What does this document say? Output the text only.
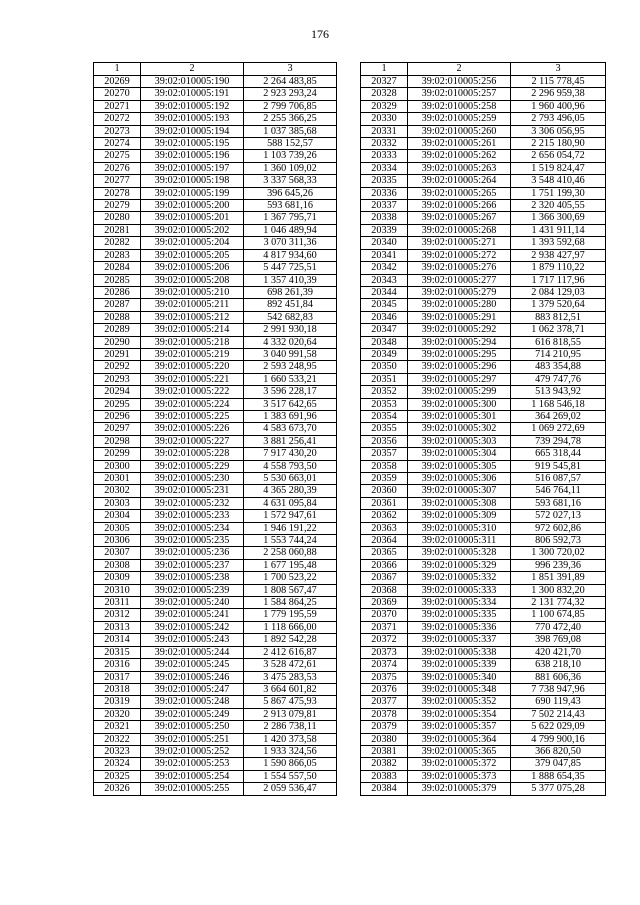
176
1	2	3
20269	39:02:010005:190	2 264 483,85
20270	39:02:010005:191	2 923 293,24
20271	39:02:010005:192	2 799 706,85
20272	39:02:010005:193	2 255 366,25
20273	39:02:010005:194	1 037 385,68
20274	39:02:010005:195	588 152,57
20275	39:02:010005:196	1 103 739,26
20276	39:02:010005:197	1 360 109,02
20277	39:02:010005:198	3 337 568,33
20278	39:02:010005:199	396 645,26
20279	39:02:010005:200	593 681,16
20280	39:02:010005:201	1 367 795,71
20281	39:02:010005:202	1 046 489,94
20282	39:02:010005:204	3 070 311,36
20283	39:02:010005:205	4 817 934,60
20284	39:02:010005:206	5 447 725,51
20285	39:02:010005:208	1 357 410,39
20286	39:02:010005:210	698 261,39
20287	39:02:010005:211	892 451,84
20288	39:02:010005:212	542 682,83
20289	39:02:010005:214	2 991 930,18
20290	39:02:010005:218	4 332 020,64
20291	39:02:010005:219	3 040 991,58
20292	39:02:010005:220	2 593 248,95
20293	39:02:010005:221	1 660 533,21
20294	39:02:010005:222	3 596 228,17
20295	39:02:010005:224	3 517 642,65
20296	39:02:010005:225	1 383 691,96
20297	39:02:010005:226	4 583 673,70
20298	39:02:010005:227	3 881 256,41
20299	39:02:010005:228	7 917 430,20
20300	39:02:010005:229	4 558 793,50
20301	39:02:010005:230	5 530 663,01
20302	39:02:010005:231	4 365 280,39
20303	39:02:010005:232	4 631 095,84
20304	39:02:010005:233	1 572 947,61
20305	39:02:010005:234	1 946 191,22
20306	39:02:010005:235	1 553 744,24
20307	39:02:010005:236	2 258 060,88
20308	39:02:010005:237	1 677 195,48
20309	39:02:010005:238	1 700 523,22
20310	39:02:010005:239	1 808 567,47
20311	39:02:010005:240	1 584 864,25
20312	39:02:010005:241	1 779 195,59
20313	39:02:010005:242	1 118 666,00
20314	39:02:010005:243	1 892 542,28
20315	39:02:010005:244	2 412 616,87
20316	39:02:010005:245	3 528 472,61
20317	39:02:010005:246	3 475 283,53
20318	39:02:010005:247	3 664 601,82
20319	39:02:010005:248	5 867 475,93
20320	39:02:010005:249	2 913 079,81
20321	39:02:010005:250	2 286 738,11
20322	39:02:010005:251	1 420 373,58
20323	39:02:010005:252	1 933 324,56
20324	39:02:010005:253	1 590 866,05
20325	39:02:010005:254	1 554 557,50
20326	39:02:010005:255	2 059 536,47
1	2	3
20327	39:02:010005:256	2 115 778,45
20328	39:02:010005:257	2 296 959,38
20329	39:02:010005:258	1 960 400,96
20330	39:02:010005:259	2 793 496,05
20331	39:02:010005:260	3 306 056,95
20332	39:02:010005:261	2 215 180,90
20333	39:02:010005:262	2 656 054,72
20334	39:02:010005:263	1 519 824,47
20335	39:02:010005:264	3 548 410,46
20336	39:02:010005:265	1 751 199,30
20337	39:02:010005:266	2 320 405,55
20338	39:02:010005:267	1 366 300,69
20339	39:02:010005:268	1 431 911,14
20340	39:02:010005:271	1 393 592,68
20341	39:02:010005:272	2 938 427,97
20342	39:02:010005:276	1 879 110,22
20343	39:02:010005:277	1 717 117,96
20344	39:02:010005:279	2 084 129,03
20345	39:02:010005:280	1 379 520,64
20346	39:02:010005:291	883 812,51
20347	39:02:010005:292	1 062 378,71
20348	39:02:010005:294	616 818,55
20349	39:02:010005:295	714 210,95
20350	39:02:010005:296	483 354,88
20351	39:02:010005:297	479 747,76
20352	39:02:010005:299	513 943,92
20353	39:02:010005:300	1 168 546,18
20354	39:02:010005:301	364 269,02
20355	39:02:010005:302	1 069 272,69
20356	39:02:010005:303	739 294,78
20357	39:02:010005:304	665 318,44
20358	39:02:010005:305	919 545,81
20359	39:02:010005:306	516 087,57
20360	39:02:010005:307	546 764,11
20361	39:02:010005:308	593 681,16
20362	39:02:010005:309	572 027,13
20363	39:02:010005:310	972 602,86
20364	39:02:010005:311	806 592,73
20365	39:02:010005:328	1 300 720,02
20366	39:02:010005:329	996 239,36
20367	39:02:010005:332	1 851 391,89
20368	39:02:010005:333	1 300 832,20
20369	39:02:010005:334	2 131 774,32
20370	39:02:010005:335	1 100 674,85
20371	39:02:010005:336	770 472,40
20372	39:02:010005:337	398 769,08
20373	39:02:010005:338	420 421,70
20374	39:02:010005:339	638 218,10
20375	39:02:010005:340	881 606,36
20376	39:02:010005:348	7 738 947,96
20377	39:02:010005:352	690 119,43
20378	39:02:010005:354	7 502 214,43
20379	39:02:010005:357	5 622 029,09
20380	39:02:010005:364	4 799 900,16
20381	39:02:010005:365	366 820,50
20382	39:02:010005:372	379 047,85
20383	39:02:010005:373	1 888 654,35
20384	39:02:010005:379	5 377 075,28
